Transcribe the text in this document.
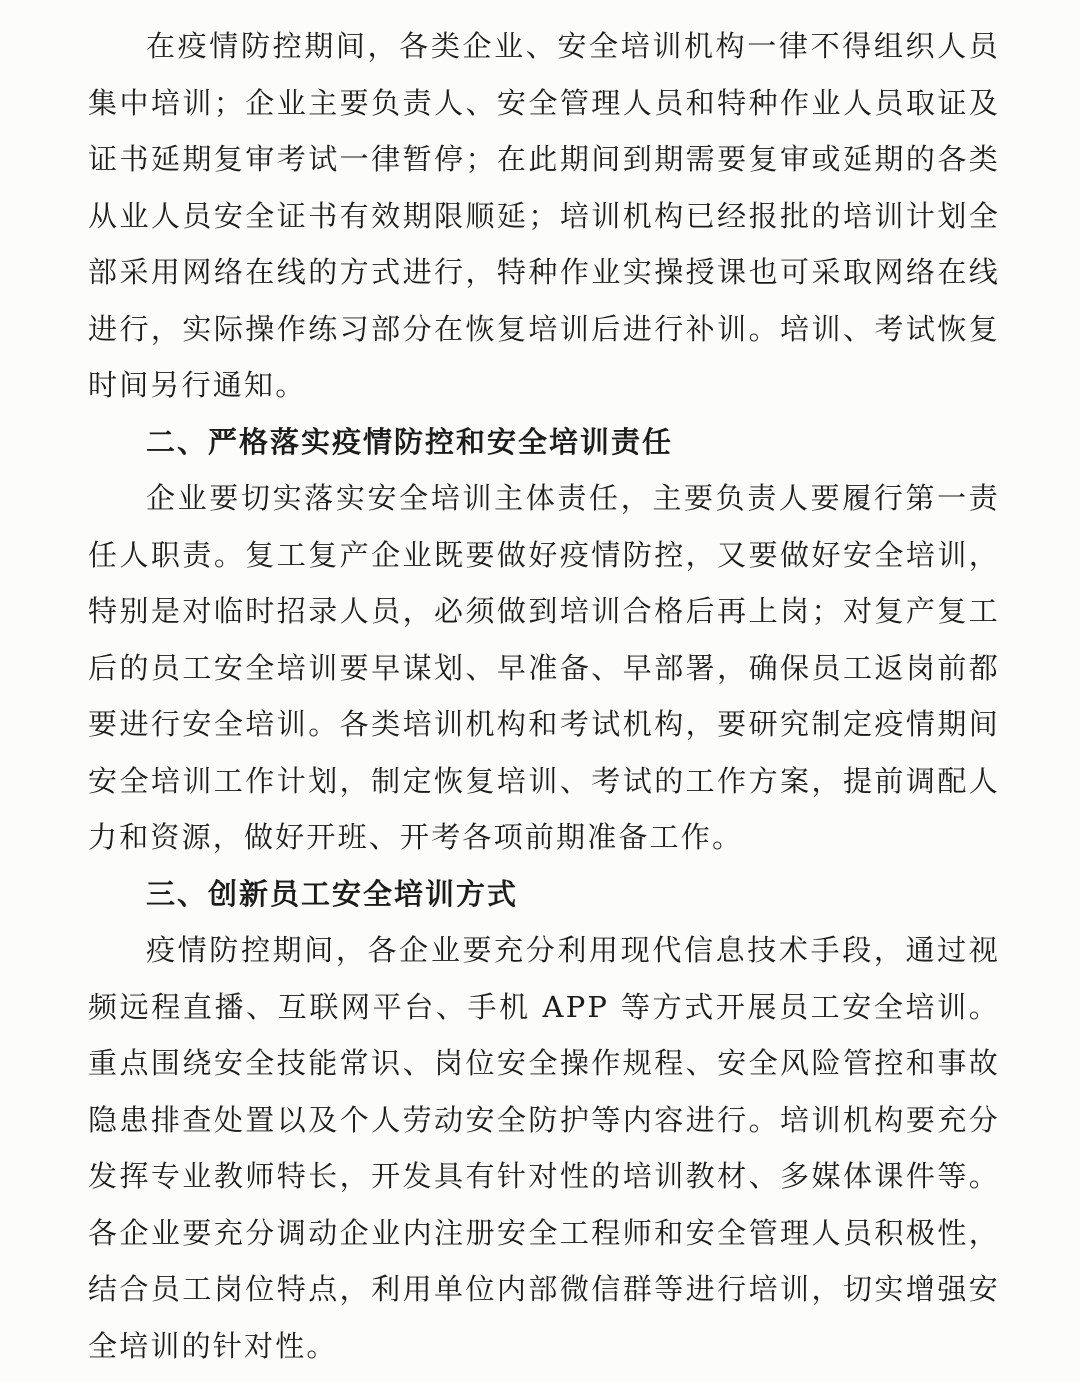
在疫情防控期间，各类企业、安全培训机构一律不得组织人员集中培训；企业主要负责人、安全管理人员和特种作业人员取证及证书延期复审考试一律暂停；在此期间到期需要复审或延期的各类从业人员安全证书有效期限顺延；培训机构已经报批的培训计划全部采用网络在线的方式进行，特种作业实操授课也可采取网络在线进行，实际操作练习部分在恢复培训后进行补训。培训、考试恢复时间另行通知。

二、严格落实疫情防控和安全培训责任

企业要切实落实安全培训主体责任，主要负责人要履行第一责任人职责。复工复产企业既要做好疫情防控，又要做好安全培训，特别是对临时招录人员，必须做到培训合格后再上岗；对复产复工后的员工安全培训要早谋划、早准备、早部署，确保员工返岗前都要进行安全培训。各类培训机构和考试机构，要研究制定疫情期间安全培训工作计划，制定恢复培训、考试的工作方案，提前调配人力和资源，做好开班、开考各项前期准备工作。

三、创新员工安全培训方式

疫情防控期间，各企业要充分利用现代信息技术手段，通过视频远程直播、互联网平台、手机 APP 等方式开展员工安全培训。重点围绕安全技能常识、岗位安全操作规程、安全风险管控和事故隐患排查处置以及个人劳动安全防护等内容进行。培训机构要充分发挥专业教师特长，开发具有针对性的培训教材、多媒体课件等。各企业要充分调动企业内注册安全工程师和安全管理人员积极性，结合员工岗位特点，利用单位内部微信群等进行培训，切实增强安全培训的针对性。
